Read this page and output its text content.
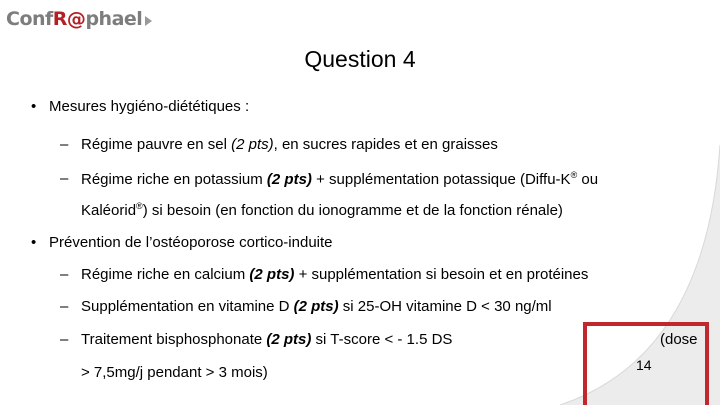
ConfR@phael
Question 4
• Mesures hygiéno-diététiques :
– Régime pauvre en sel (2 pts), en sucres rapides et en graisses
– Régime riche en potassium (2 pts) + supplémentation potassique (Diffu-K® ou
Kaléorid®) si besoin (en fonction du ionogramme et de la fonction rénale)
• Prévention de l’ostéoporose cortico-induite
– Régime riche en calcium (2 pts) + supplémentation si besoin et en protéines
– Supplémentation en vitamine D (2 pts) si 25-OH vitamine D < 30 ng/ml
– Traitement bisphosphonate (2 pts) si T-score < - 1.5 DS	(dose
> 7,5mg/j pendant > 3 mois)	14
